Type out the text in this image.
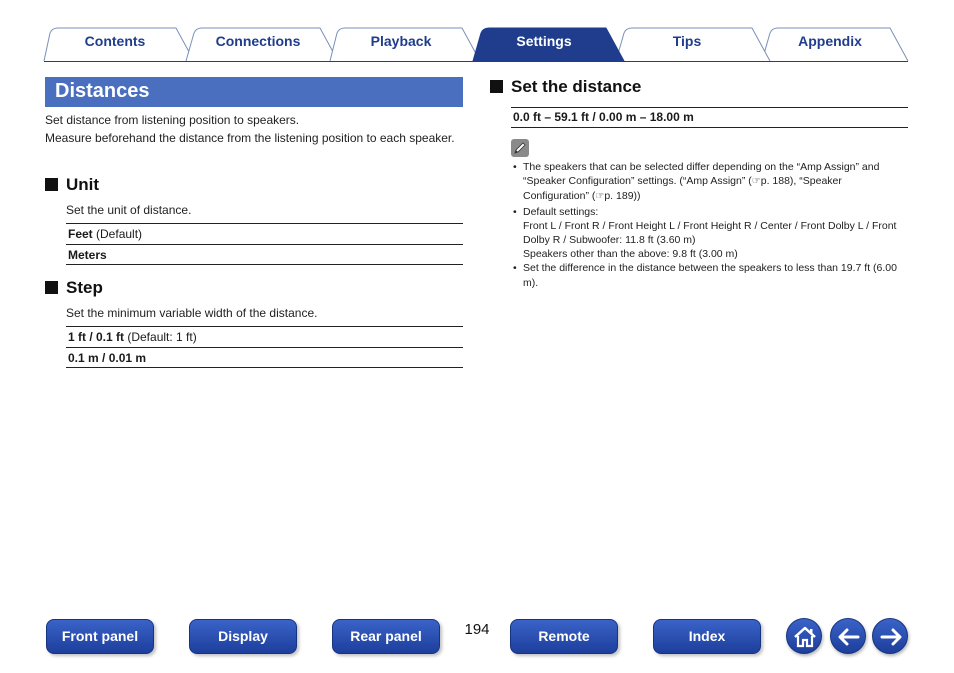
Contents	Connections	Playback	Settings	Tips	Appendix
Distances
Set distance from listening position to speakers.
Measure beforehand the distance from the listening position to each speaker.
Unit
Set the unit of distance.
Feet (Default)
Meters
Step
Set the minimum variable width of the distance.
1 ft / 0.1 ft (Default: 1 ft)
0.1 m / 0.01 m
Set the distance
0.0 ft – 59.1 ft / 0.00 m – 18.00 m
• The speakers that can be selected differ depending on the “Amp Assign” and “Speaker Configuration” settings. (“Amp Assign” (☞p. 188), “Speaker Configuration” (☞p. 189))
• Default settings:
Front L / Front R / Front Height L / Front Height R / Center / Front Dolby L / Front Dolby R / Subwoofer: 11.8 ft (3.60 m)
Speakers other than the above: 9.8 ft (3.00 m)
• Set the difference in the distance between the speakers to less than 19.7 ft (6.00 m).
Front panel	Display	Rear panel	194	Remote	Index
